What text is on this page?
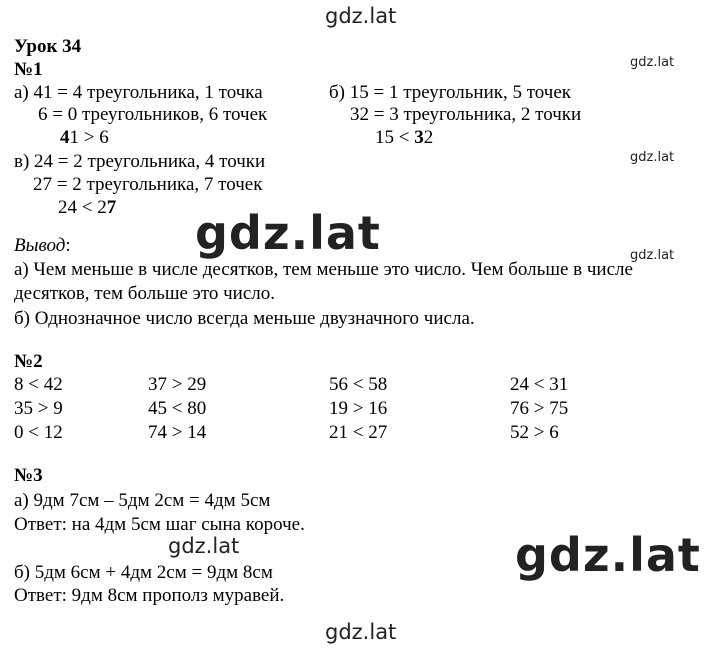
gdz.lat
gdz.lat
gdz.lat
gdz.lat
gdz.lat
Урок 34
№1
а) 41 = 4 треугольника, 1 точка
6 = 0 треугольников, 6 точек
41 > 6
б) 15 = 1 треугольник, 5 точек
32 = 3 треугольника, 2 точки
15 < 32
в) 24 = 2 треугольника, 4 точки
27 = 2 треугольника, 7 точек
24 < 27
Вывод:
а) Чем меньше в числе десятков, тем меньше это число. Чем больше в числе
десятков, тем больше это число.
б) Однозначное число всегда меньше двузначного числа.
№2
8 < 42	37 > 29	56 < 58	24 < 31
35 > 9	45 < 80	19 > 16	76 > 75
0 < 12	74 > 14	21 < 27	52 > 6
№3
а) 9дм 7см – 5дм 2см = 4дм 5см
Ответ: на 4дм 5см шаг сына короче.
gdz.lat
б) 5дм 6см + 4дм 2см = 9дм 8см
Ответ: 9дм 8см прополз муравей.
gdz.lat
gdz.lat
